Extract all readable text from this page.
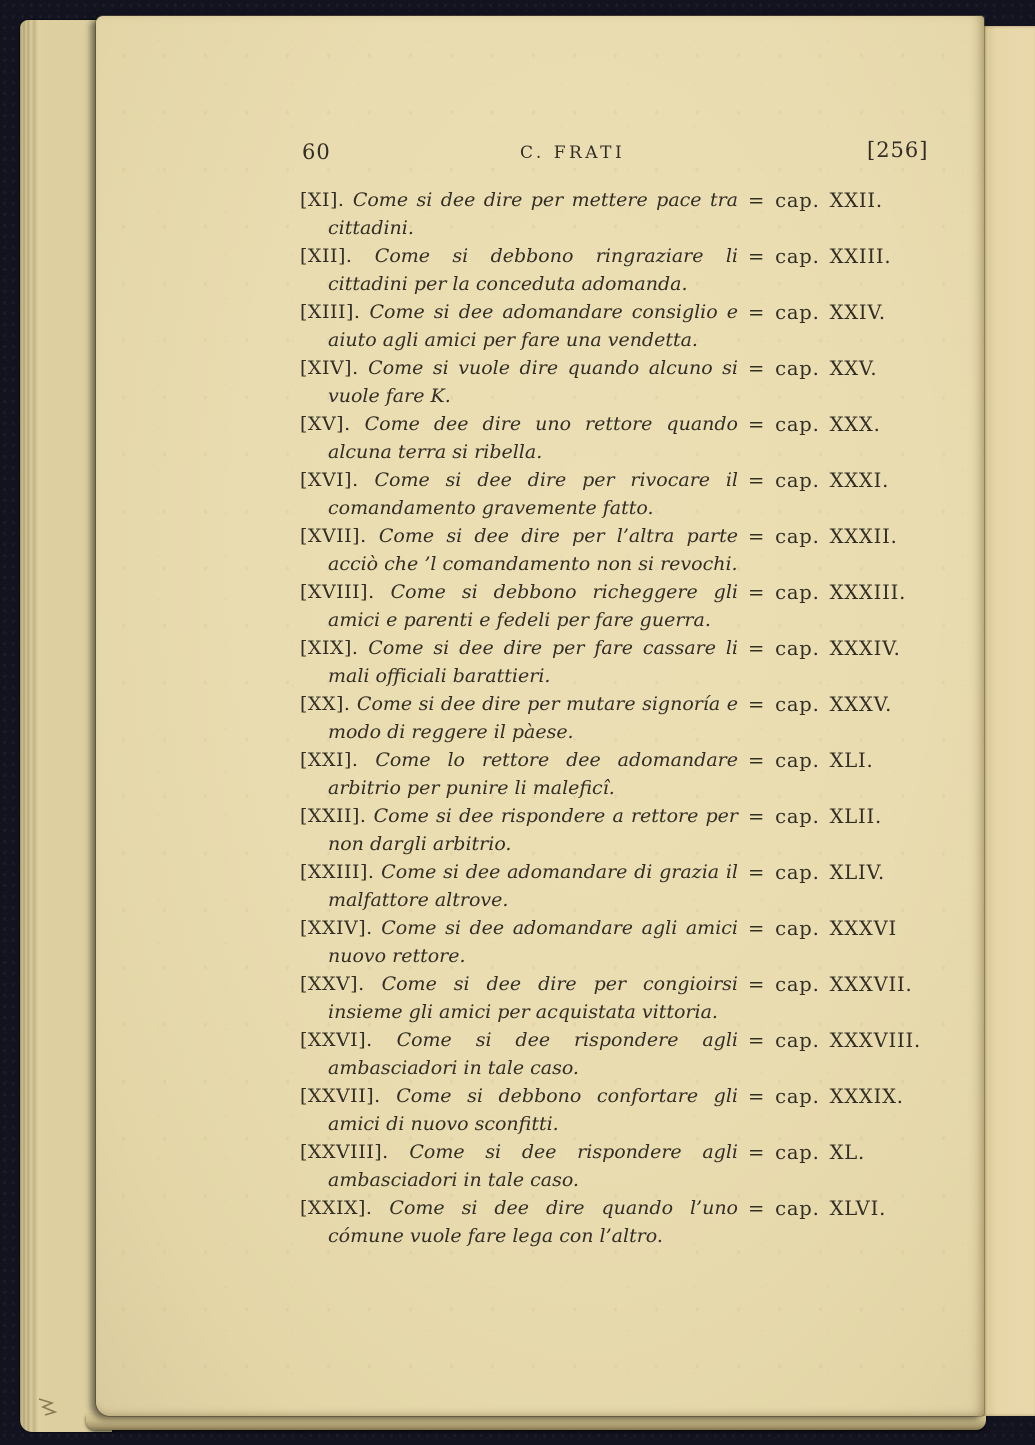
60	C. FRATI	[256]
[XI]. Come si dee dire per mettere pace tra cittadini.
= cap. XXII.
[XII]. Come si debbono ringraziare li cittadini per la conceduta adomanda.
= cap. XXIII.
[XIII]. Come si dee adomandare consiglio e aiuto agli amici per fare una vendetta.
= cap. XXIV.
[XIV]. Come si vuole dire quando alcuno si vuole fare K.
= cap. XXV.
[XV]. Come dee dire uno rettore quando alcuna terra si ribella.
= cap. XXX.
[XVI]. Come si dee dire per rivocare il comandamento gravemente fatto.
= cap. XXXI.
[XVII]. Come si dee dire per l’altra parte acciò che ’l comandamento non si revochi.
= cap. XXXII.
[XVIII]. Come si debbono richeggere gli amici e parenti e fedeli per fare guerra.
= cap. XXXIII.
[XIX]. Come si dee dire per fare cassare li mali officiali barattieri.
= cap. XXXIV.
[XX]. Come si dee dire per mutare signoría e modo di reggere il pàese.
= cap. XXXV.
[XXI]. Come lo rettore dee adomandare arbitrio per punire li maleficî.
= cap. XLI.
[XXII]. Come si dee rispondere a rettore per non dargli arbitrio.
= cap. XLII.
[XXIII]. Come si dee adomandare di grazia il malfattore altrove.
= cap. XLIV.
[XXIV]. Come si dee adomandare agli amici nuovo rettore.
= cap. XXXVI
[XXV]. Come si dee dire per congioirsi insieme gli amici per acquistata vittoria.
= cap. XXXVII.
[XXVI]. Come si dee rispondere agli ambasciadori in tale caso.
= cap. XXXVIII.
[XXVII]. Come si debbono confortare gli amici di nuovo sconfitti.
= cap. XXXIX.
[XXVIII]. Come si dee rispondere agli ambasciadori in tale caso.
= cap. XL.
[XXIX]. Come si dee dire quando l’uno cómune vuole fare lega con l’altro.
= cap. XLVI.
